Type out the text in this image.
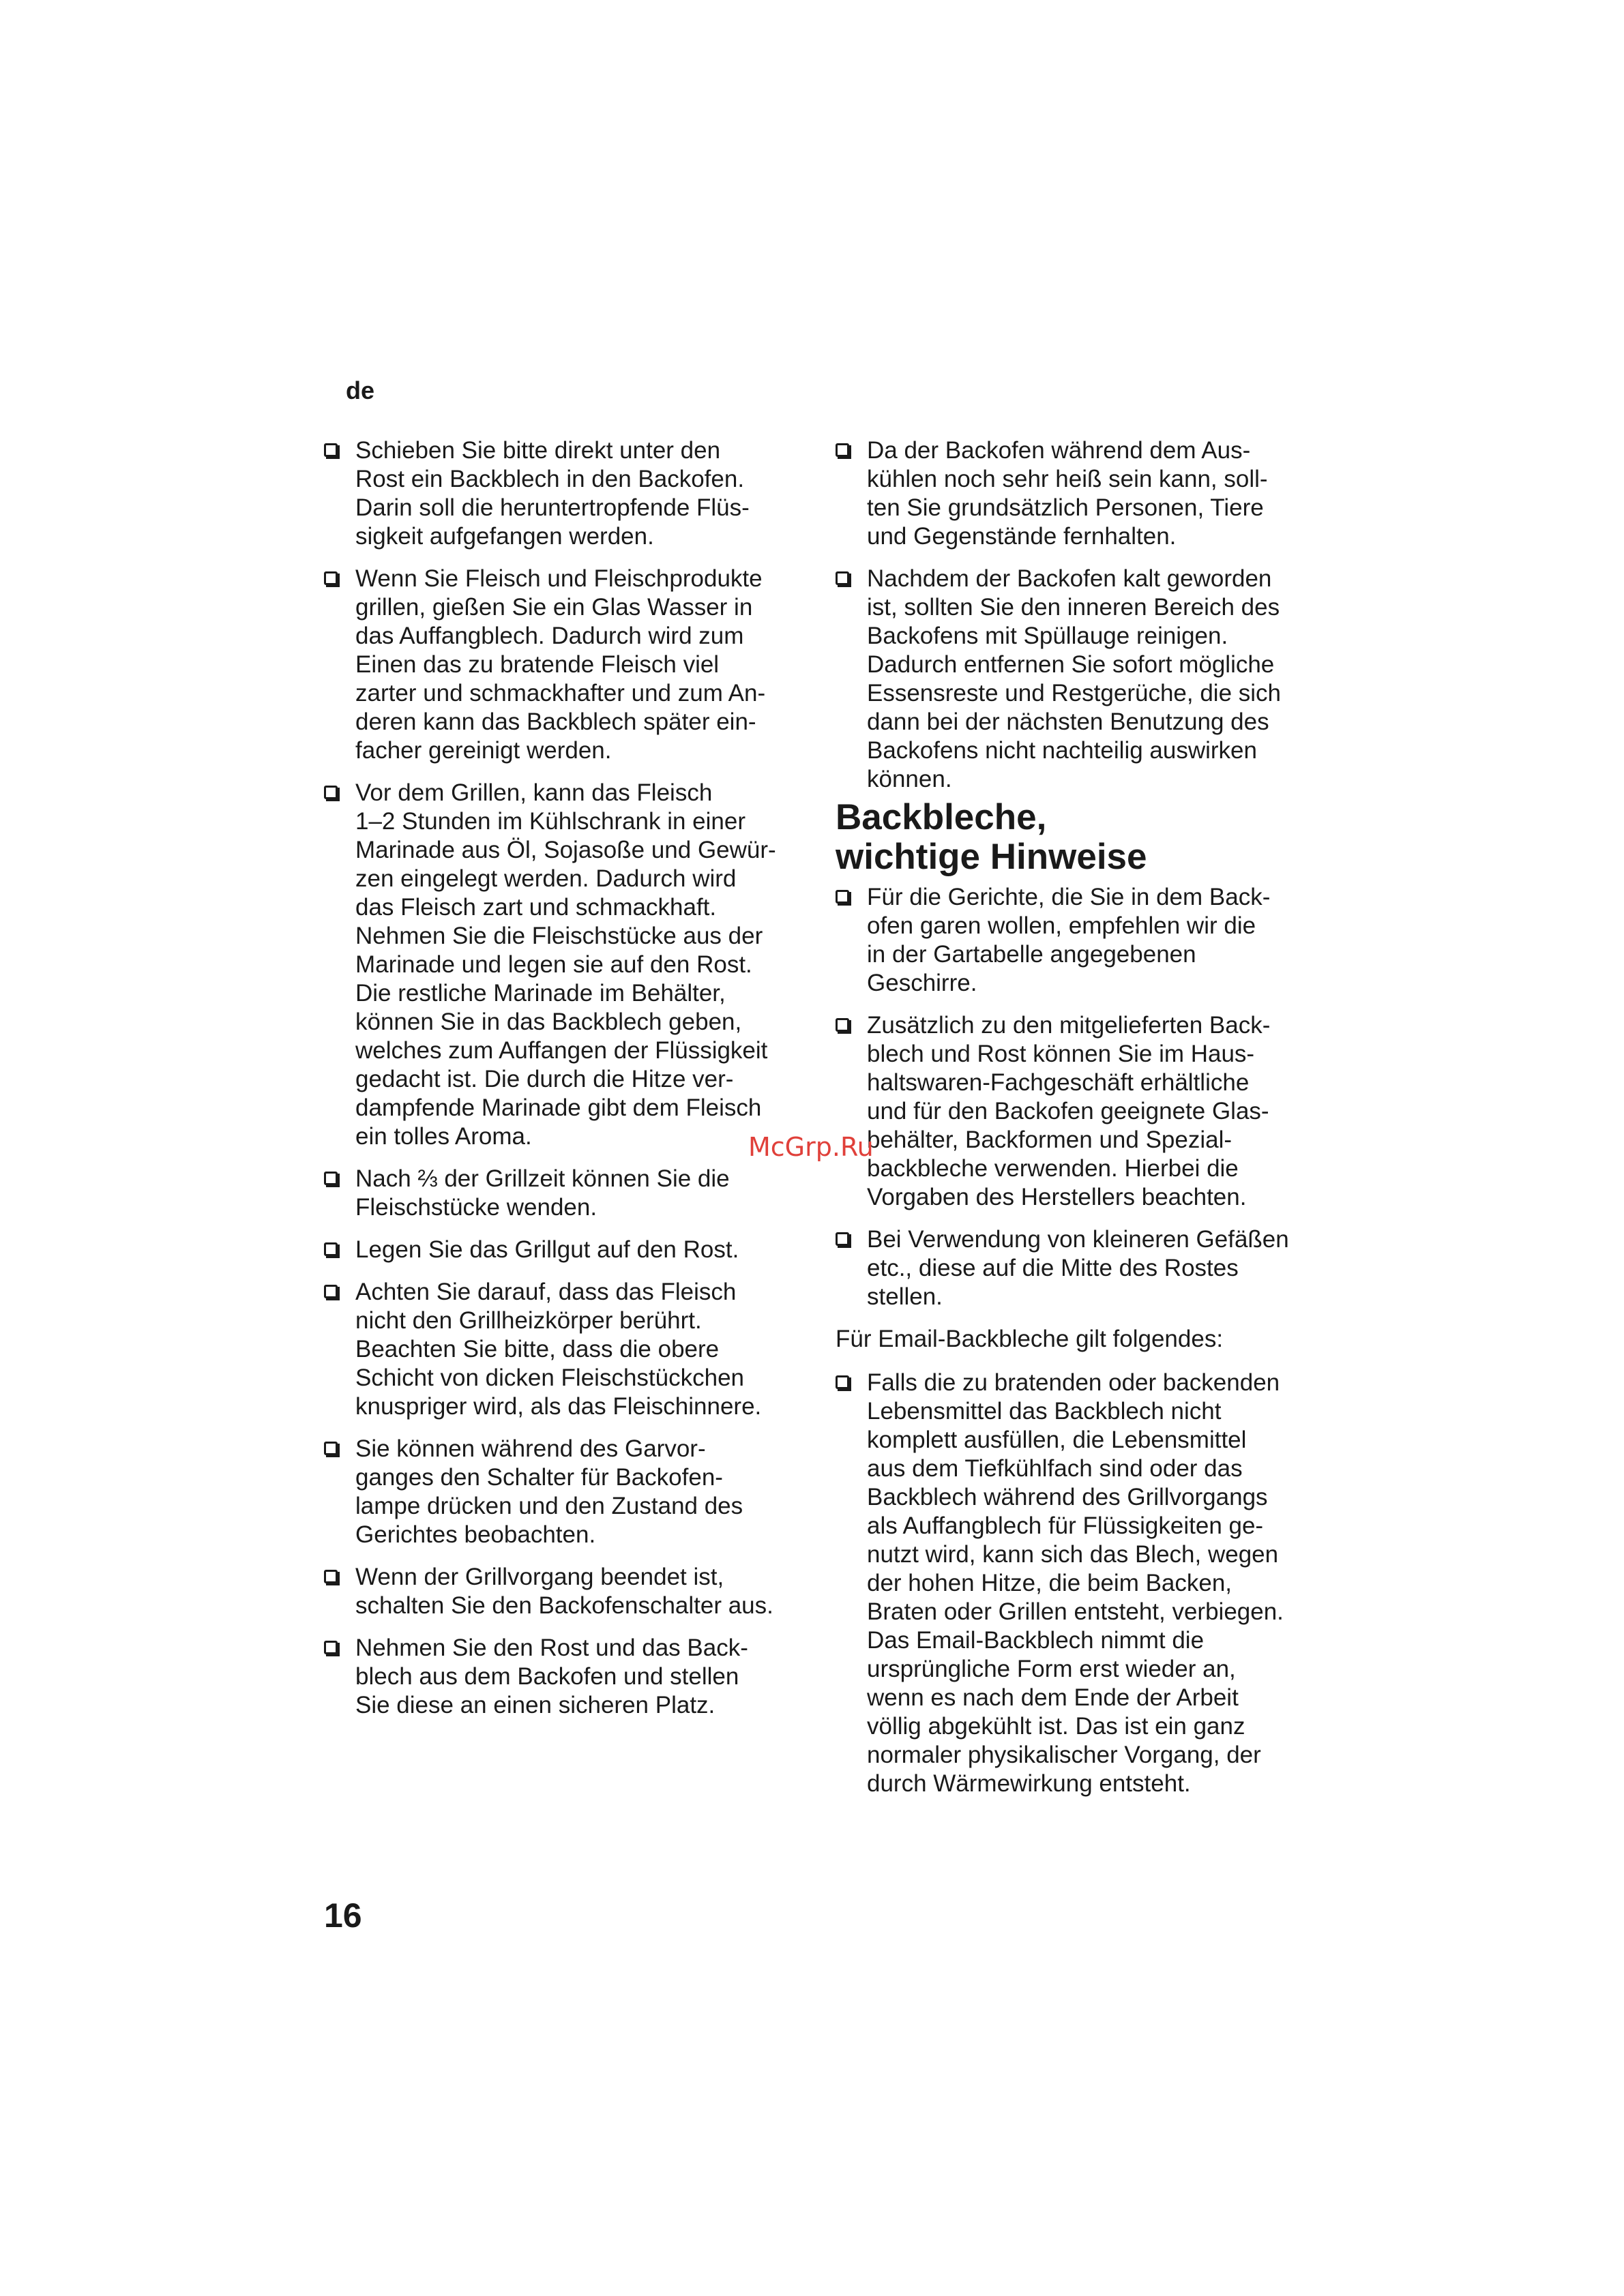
de
Schieben Sie bitte direkt unter den
Rost ein Backblech in den Backofen.
Darin soll die heruntertropfende Flüs-
sigkeit aufgefangen werden.
Wenn Sie Fleisch und Fleischprodukte
grillen, gießen Sie ein Glas Wasser in
das Auffangblech. Dadurch wird zum
Einen das zu bratende Fleisch viel
zarter und schmackhafter und zum An-
deren kann das Backblech später ein-
facher gereinigt werden.
Vor dem Grillen, kann das Fleisch
1–2 Stunden im Kühlschrank in einer
Marinade aus Öl, Sojasoße und Gewür-
zen eingelegt werden. Dadurch wird
das Fleisch zart und schmackhaft.
Nehmen Sie die Fleischstücke aus der
Marinade und legen sie auf den Rost.
Die restliche Marinade im Behälter,
können Sie in das Backblech geben,
welches zum Auffangen der Flüssigkeit
gedacht ist. Die durch die Hitze ver-
dampfende Marinade gibt dem Fleisch
ein tolles Aroma.
Nach ⅔ der Grillzeit können Sie die
Fleischstücke wenden.
Legen Sie das Grillgut auf den Rost.
Achten Sie darauf, dass das Fleisch
nicht den Grillheizkörper berührt.
Beachten Sie bitte, dass die obere
Schicht von dicken Fleischstückchen
knuspriger wird, als das Fleischinnere.
Sie können während des Garvor-
ganges den Schalter für Backofen-
lampe drücken und den Zustand des
Gerichtes beobachten.
Wenn der Grillvorgang beendet ist,
schalten Sie den Backofenschalter aus.
Nehmen Sie den Rost und das Back-
blech aus dem Backofen und stellen
Sie diese an einen sicheren Platz.
Da der Backofen während dem Aus-
kühlen noch sehr heiß sein kann, soll-
ten Sie grundsätzlich Personen, Tiere
und Gegenstände fernhalten.
Nachdem der Backofen kalt geworden
ist, sollten Sie den inneren Bereich des
Backofens mit Spüllauge reinigen.
Dadurch entfernen Sie sofort mögliche
Essensreste und Restgerüche, die sich
dann bei der nächsten Benutzung des
Backofens nicht nachteilig auswirken
können.
Backbleche,
wichtige Hinweise
Für die Gerichte, die Sie in dem Back-
ofen garen wollen, empfehlen wir die
in der Gartabelle angegebenen
Geschirre.
Zusätzlich zu den mitgelieferten Back-
blech und Rost können Sie im Haus-
haltswaren-Fachgeschäft erhältliche
und für den Backofen geeignete Glas-
behälter, Backformen und Spezial-
backbleche verwenden. Hierbei die
Vorgaben des Herstellers beachten.
Bei Verwendung von kleineren Gefäßen
etc., diese auf die Mitte des Rostes
stellen.
Für Email-Backbleche gilt folgendes:
Falls die zu bratenden oder backenden
Lebensmittel das Backblech nicht
komplett ausfüllen, die Lebensmittel
aus dem Tiefkühlfach sind oder das
Backblech während des Grillvorgangs
als Auffangblech für Flüssigkeiten ge-
nutzt wird, kann sich das Blech, wegen
der hohen Hitze, die beim Backen,
Braten oder Grillen entsteht, verbiegen.
Das Email-Backblech nimmt die
ursprüngliche Form erst wieder an,
wenn es nach dem Ende der Arbeit
völlig abgekühlt ist. Das ist ein ganz
normaler physikalischer Vorgang, der
durch Wärmewirkung entsteht.
McGrp.Ru
16
